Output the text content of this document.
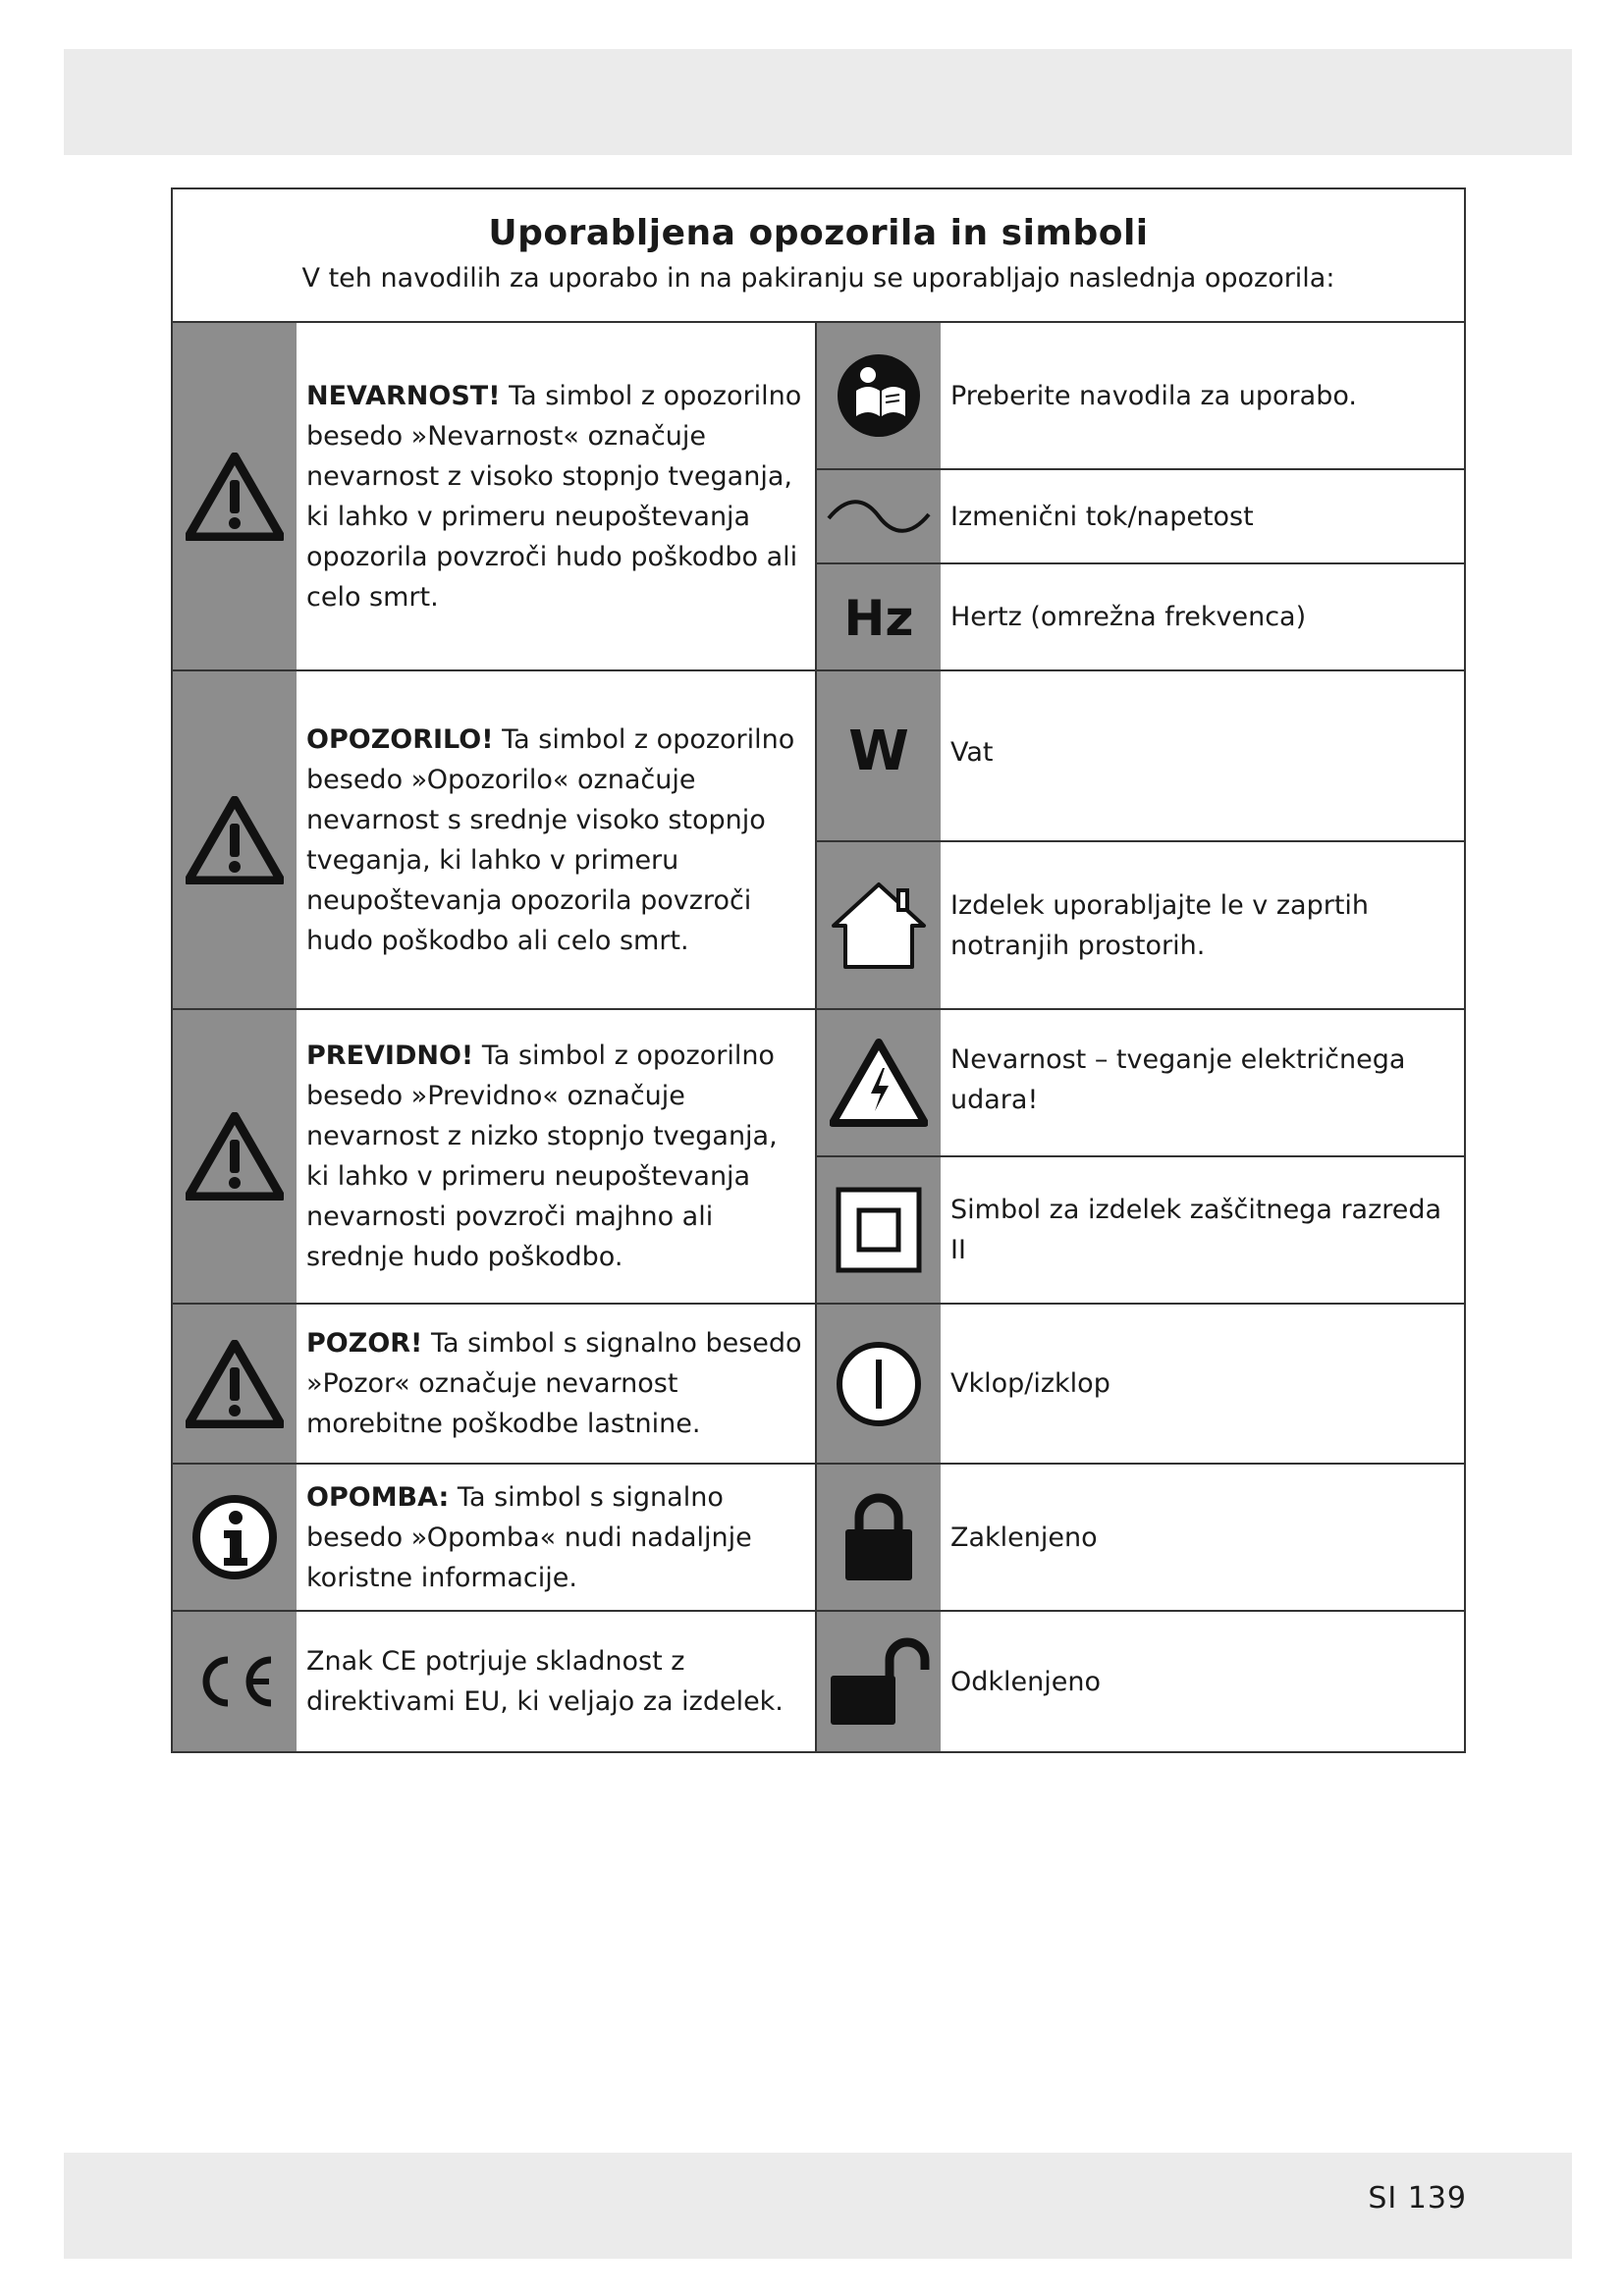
Uporabljena opozorila in simboli
V teh navodilih za uporabo in na pakiranju se uporabljajo naslednja opozorila:

NEVARNOST! Ta simbol z opozorilno besedo »Nevarnost« označuje nevarnost z visoko stopnjo tveganja, ki lahko v primeru neupoštevanja opozorila povzroči hudo poškodbo ali celo smrt.

OPOZORILO! Ta simbol z opozorilno besedo »Opozorilo« označuje nevarnost s srednje visoko stopnjo tveganja, ki lahko v primeru neupoštevanja opozorila povzroči hudo poškodbo ali celo smrt.

PREVIDNO! Ta simbol z opozorilno besedo »Previdno« označuje nevarnost z nizko stopnjo tveganja, ki lahko v primeru neupoštevanja nevarnosti povzroči majhno ali srednje hudo poškodbo.

POZOR! Ta simbol s signalno besedo »Pozor« označuje nevarnost morebitne poškodbe lastnine.

OPOMBA: Ta simbol s signalno besedo »Opomba« nudi nadaljnje koristne informacije.

Znak CE potrjuje skladnost z direktivami EU, ki veljajo za izdelek.

Preberite navodila za uporabo.

Izmenični tok/napetost

Hz Hertz (omrežna frekvenca)

W Vat

Izdelek uporabljajte le v zaprtih notranjih prostorih.

Nevarnost – tveganje električnega udara!

Simbol za izdelek zaščitnega razreda II

Vklop/izklop

Zaklenjeno

Odklenjeno

SI 139
